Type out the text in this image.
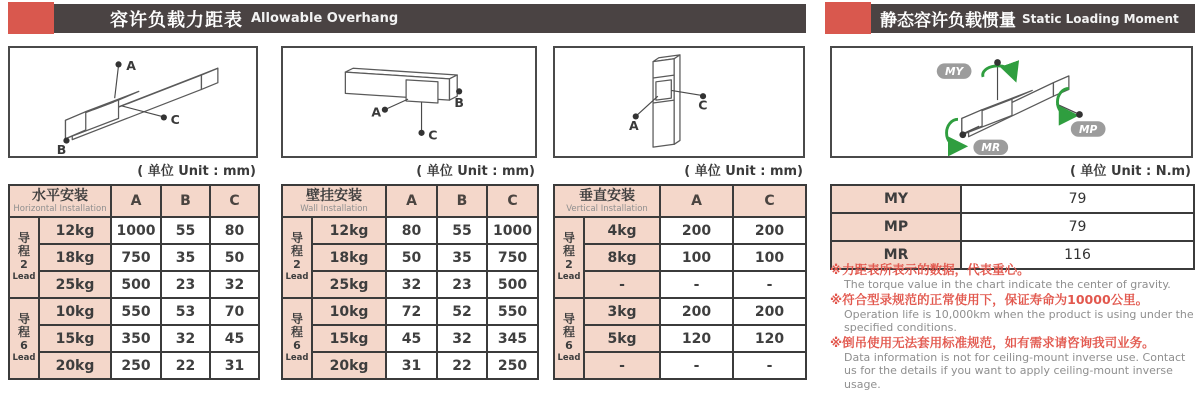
容许负载力距表 Allowable Overhang	静态容许负载惯量 Static Loading Moment
A
B
C
( 单位 Unit : mm)
A
B
C
( 单位 Unit : mm)
A
C
( 单位 Unit : mm)
MY
MP
MR
( 单位 Unit : N.m)
水平安装
Horizontal Installation		A	B	C

导
程
2
Lead	12kg	1000	55	80
	18kg	750	35	50
	25kg	500	23	32

导
程
6
Lead	10kg	550	53	70
	15kg	350	32	45
	20kg	250	22	31
壁挂安装
Wall Installation		A	B	C

导
程
2
Lead	12kg	80	55	1000
	18kg	50	35	750
	25kg	32	23	500

导
程
6
Lead	10kg	72	52	550
	15kg	45	32	345
	20kg	31	22	250
垂直安装
Vertical Installation		A	C

导
程
2
Lead	4kg	200	200
	8kg	100	100
	-	-	-

导
程
6
Lead	3kg	200	200
	5kg	120	120
	-	-	-
MY	79
MP	79
MR	116
※力距表所表示的数据，代表重心。
The torque value in the chart indicate the center of gravity.
※符合型录规范的正常使用下，保证寿命为10000公里。
Operation life is 10,000km when the product is using under the specified conditions.
※倒吊使用无法套用标准规范，如有需求请咨询我司业务。
Data information is not for ceiling-mount inverse use. Contact us for the details if you want to apply ceiling-mount inverse usage.
